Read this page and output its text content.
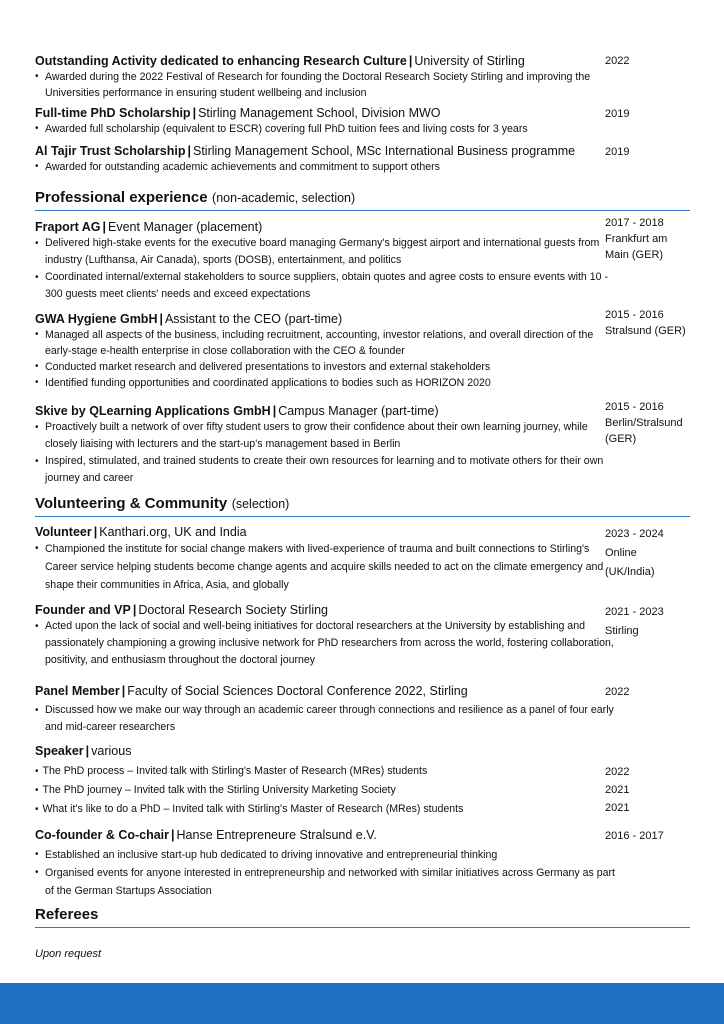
Outstanding Activity dedicated to enhancing Research Culture | University of Stirling
• Awarded during the 2022 Festival of Research for founding the Doctoral Research Society Stirling and improving the Universities performance in ensuring student wellbeing and inclusion
2022
Full-time PhD Scholarship | Stirling Management School, Division MWO
• Awarded full scholarship (equivalent to ESCR) covering full PhD tuition fees and living costs for 3 years
2019
Al Tajir Trust Scholarship | Stirling Management School, MSc International Business programme
• Awarded for outstanding academic achievements and commitment to support others
2019
Professional experience (non-academic, selection)
Fraport AG | Event Manager (placement)
• Delivered high-stake events for the executive board managing Germany's biggest airport and international guests from industry (Lufthansa, Air Canada), sports (DOSB), entertainment, and politics
• Coordinated internal/external stakeholders to source suppliers, obtain quotes and agree costs to ensure events with 10 - 300 guests meet clients' needs and exceed expectations
2017 - 2018
Frankfurt am Main (GER)
GWA Hygiene GmbH | Assistant to the CEO (part-time)
• Managed all aspects of the business, including recruitment, accounting, investor relations, and overall direction of the early-stage e-health enterprise in close collaboration with the CEO & founder
• Conducted market research and delivered presentations to investors and external stakeholders
• Identified funding opportunities and coordinated applications to bodies such as HORIZON 2020
2015 - 2016
Stralsund (GER)
Skive by QLearning Applications GmbH | Campus Manager (part-time)
• Proactively built a network of over fifty student users to grow their confidence about their own learning journey, while closely liaising with lecturers and the start-up's management based in Berlin
• Inspired, stimulated, and trained students to create their own resources for learning and to motivate others for their own journey and career
2015 - 2016
Berlin/Stralsund (GER)
Volunteering & Community (selection)
Volunteer | Kanthari.org, UK and India
• Championed the institute for social change makers with lived-experience of trauma and built connections to Stirling's Career service helping students become change agents and acquire skills needed to act on the climate emergency and shape their communities in Africa, Asia, and globally
2023 - 2024
Online (UK/India)
Founder and VP | Doctoral Research Society Stirling
• Acted upon the lack of social and well-being initiatives for doctoral researchers at the University by establishing and passionately championing a growing inclusive network for PhD researchers from across the world, fostering collaboration, positivity, and enthusiasm throughout the doctoral journey
2021 - 2023
Stirling
Panel Member | Faculty of Social Sciences Doctoral Conference 2022, Stirling
• Discussed how we make our way through an academic career through connections and resilience as a panel of four early and mid-career researchers
2022
Speaker | various
• The PhD process – Invited talk with Stirling's Master of Research (MRes) students
• The PhD journey – Invited talk with the Stirling University Marketing Society
• What it's like to do a PhD – Invited talk with Stirling's Master of Research (MRes) students
2022
2021
2021
Co-founder & Co-chair | Hanse Entrepreneure Stralsund e.V.
• Established an inclusive start-up hub dedicated to driving innovative and entrepreneurial thinking
• Organised events for anyone interested in entrepreneurship and networked with similar initiatives across Germany as part of the German Startups Association
2016 - 2017
Referees
Upon request
